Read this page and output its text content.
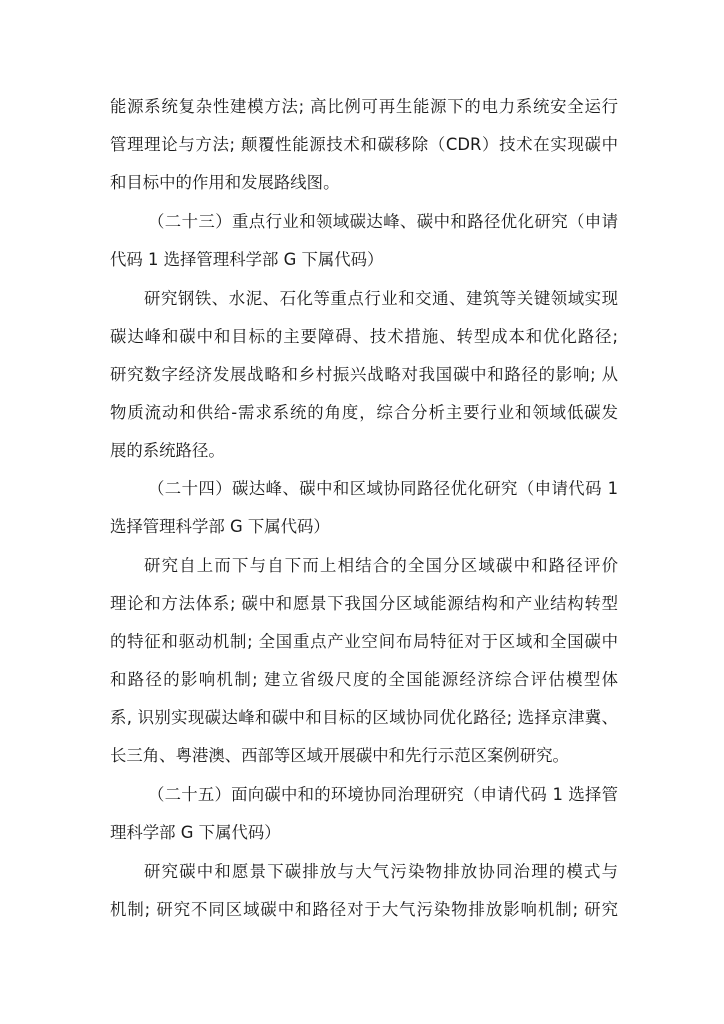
能源系统复杂性建模方法; 高比例可再生能源下的电力系统安全运行
管理理论与方法; 颠覆性能源技术和碳移除（CDR）技术在实现碳中
和目标中的作用和发展路线图。
（二十三）重点行业和领域碳达峰、碳中和路径优化研究（申请
代码 1 选择管理科学部 G 下属代码）
研究钢铁、水泥、石化等重点行业和交通、建筑等关键领域实现
碳达峰和碳中和目标的主要障碍、技术措施、转型成本和优化路径;
研究数字经济发展战略和乡村振兴战略对我国碳中和路径的影响; 从
物质流动和供给-需求系统的角度，综合分析主要行业和领域低碳发
展的系统路径。
（二十四）碳达峰、碳中和区域协同路径优化研究（申请代码 1
选择管理科学部 G 下属代码）
研究自上而下与自下而上相结合的全国分区域碳中和路径评价
理论和方法体系; 碳中和愿景下我国分区域能源结构和产业结构转型
的特征和驱动机制; 全国重点产业空间布局特征对于区域和全国碳中
和路径的影响机制; 建立省级尺度的全国能源经济综合评估模型体
系, 识别实现碳达峰和碳中和目标的区域协同优化路径; 选择京津冀、
长三角、粤港澳、西部等区域开展碳中和先行示范区案例研究。
（二十五）面向碳中和的环境协同治理研究（申请代码 1 选择管
理科学部 G 下属代码）
研究碳中和愿景下碳排放与大气污染物排放协同治理的模式与
机制; 研究不同区域碳中和路径对于大气污染物排放影响机制; 研究
